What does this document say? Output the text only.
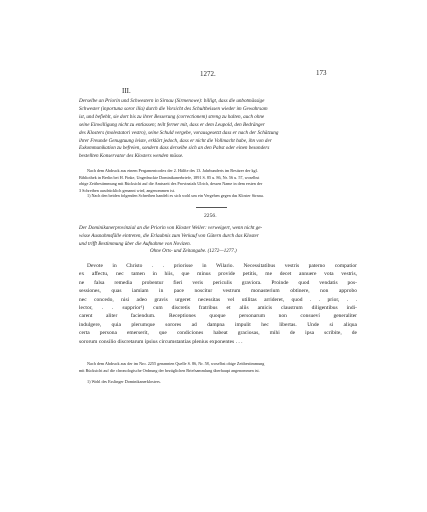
1272.	173
III.
Derselbe an Priorin und Schwestern in Sirnau (Sirmenowe): billigt, dass die unbotmässige
Schwester (inportuna soror illa) durch die Vorsicht des Schultheissen wieder im Gewahrsam
ist, und befiehlt, sie dort bis zu ihrer Besserung (correctionem) streng zu halten, auch ohne
seine Einwilligung nicht zu entlassen; teilt ferner mit, dass er dem Leupold, den Bedränger
des Klosters (molestatori vestro), seine Schuld vergebe, vorausgesetzt dass er nach der Schätzung
ihrer Freunde Genugtuung leiste, erklärt jedoch, dass er nicht die Vollmacht habe, ihn von der
Exkommunikation zu befreien, sondern dass derselbe sich an den Pabst oder einen besonders
bestellten Konservator des Klosters wenden müsse.
Nach dem Abdruck aus einem Pergamentcodex der 2. Hälfte des 13. Jahrhunderts im Besitzer der kgl.
Bibliothek in Berlin bei H. Finke, Ungedruckte Dominikanerbriefe, 1891 S. 85 u. 86, Nr. 56 u. 57, woselbst
obige Zeitbestimmung mit Rücksicht auf die Amtszeit des Provinzials Ulrich, dessen Name in dem ersten der
3 Schreiben ausdrücklich genannt wird, angenommen ist.
1) Nach den beiden folgenden Schreiben handelt es sich wohl um ein Vergehen gegen das Kloster Sirnau.
2256.
Der Dominikanerprovinzial an die Priorin von Kloster Weiler: verweigert, wenn nicht ge-
wisse Ausnahmsfälle eintreten, die Erlaubnis zum Verkauf von Gütern durch das Kloster
und trifft Bestimmung über die Aufnahme von Novizen.
Ohne Orts- und Zeitangabe. (1272—1277.)
Devote in Christo . . priorisse in Wilario. Necessitatibus vestris paterno compatior
ex affectu, nec tamen in hiis, que minus provide petitis, me decet annuere vota vestris,
ne falsa remedia probentur fieri veris periculis graviora. Proinde quod vendatis pos-
sessiones, quas iamiam in pace noscitur vestrum monasterium obtinere, non approbo
nec concedo, nisi adeo gravis urgeret necessitas vel utilitas arrideret, quod . . prior, . .
lector, . . supprior¹) cum discretis fratribus et aliis amicis claustrum diligentibus indi-
carent aliter faciendum. Receptiones quoque personarum non consueví generaliter
indulgere, quia plerumque sorores ad dampna impulit hec libertas. Unde si aliqua
certa persona emerserit, que condiciones habeat graciosas, mihi de ipsa scribite, de
sororum consilio discretarum ipsius circumstantias plenius exponentes . . .
Nach dem Abdruck aus der im Nro. 2255 genannten Quelle S. 86, Nr. 58, woselbst obige Zeitbestimmung
mit Rücksicht auf die chronologische Ordnung der bezüglichen Briefsammlung überhaupt angenommen ist.
1) Wohl des Esslinger Dominikanerklosters.
